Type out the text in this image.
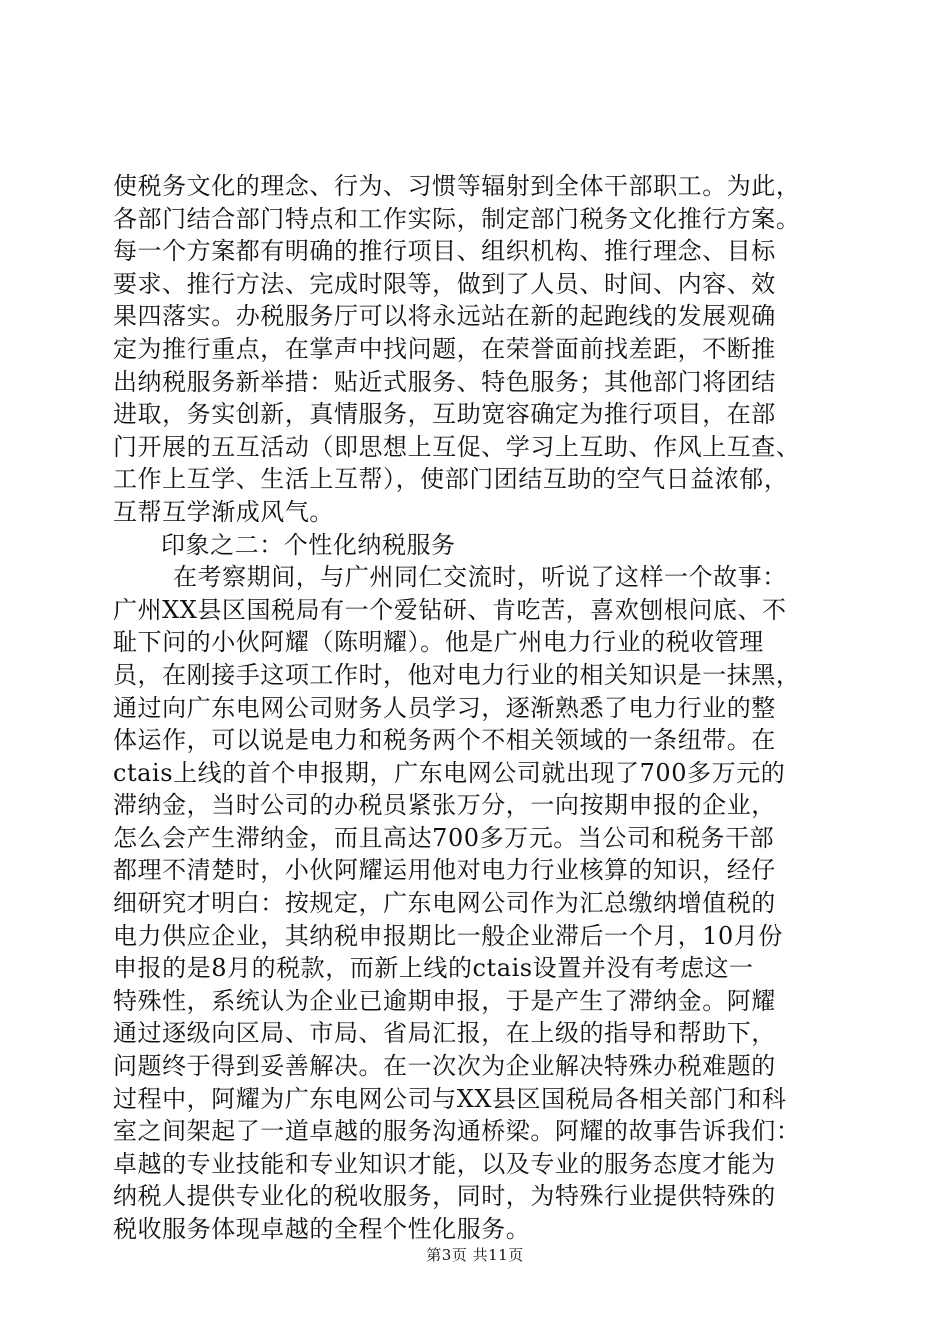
使税务文化的理念、行为、习惯等辐射到全体干部职工。为此，
各部门结合部门特点和工作实际，制定部门税务文化推行方案。
每一个方案都有明确的推行项目、组织机构、推行理念、目标
要求、推行方法、完成时限等，做到了人员、时间、内容、效
果四落实。办税服务厅可以将永远站在新的起跑线的发展观确
定为推行重点，在掌声中找问题，在荣誉面前找差距，不断推
出纳税服务新举措：贴近式服务、特色服务；其他部门将团结
进取，务实创新，真情服务，互助宽容确定为推行项目，在部
门开展的五互活动（即思想上互促、学习上互助、作风上互查、
工作上互学、生活上互帮），使部门团结互助的空气日益浓郁，
互帮互学渐成风气。
印象之二：个性化纳税服务
在考察期间，与广州同仁交流时，听说了这样一个故事：
广州XX县区国税局有一个爱钻研、肯吃苦，喜欢刨根问底、不
耻下问的小伙阿耀（陈明耀）。他是广州电力行业的税收管理
员，在刚接手这项工作时，他对电力行业的相关知识是一抹黑，
通过向广东电网公司财务人员学习，逐渐熟悉了电力行业的整
体运作，可以说是电力和税务两个不相关领域的一条纽带。在
ctais上线的首个申报期，广东电网公司就出现了700多万元的
滞纳金，当时公司的办税员紧张万分，一向按期申报的企业，
怎么会产生滞纳金，而且高达700多万元。当公司和税务干部
都理不清楚时，小伙阿耀运用他对电力行业核算的知识，经仔
细研究才明白：按规定，广东电网公司作为汇总缴纳增值税的
电力供应企业，其纳税申报期比一般企业滞后一个月，10月份
申报的是8月的税款，而新上线的ctais设置并没有考虑这一
特殊性，系统认为企业已逾期申报，于是产生了滞纳金。阿耀
通过逐级向区局、市局、省局汇报，在上级的指导和帮助下，
问题终于得到妥善解决。在一次次为企业解决特殊办税难题的
过程中，阿耀为广东电网公司与XX县区国税局各相关部门和科
室之间架起了一道卓越的服务沟通桥梁。阿耀的故事告诉我们：
卓越的专业技能和专业知识才能，以及专业的服务态度才能为
纳税人提供专业化的税收服务，同时，为特殊行业提供特殊的
税收服务体现卓越的全程个性化服务。
第3页 共11页
